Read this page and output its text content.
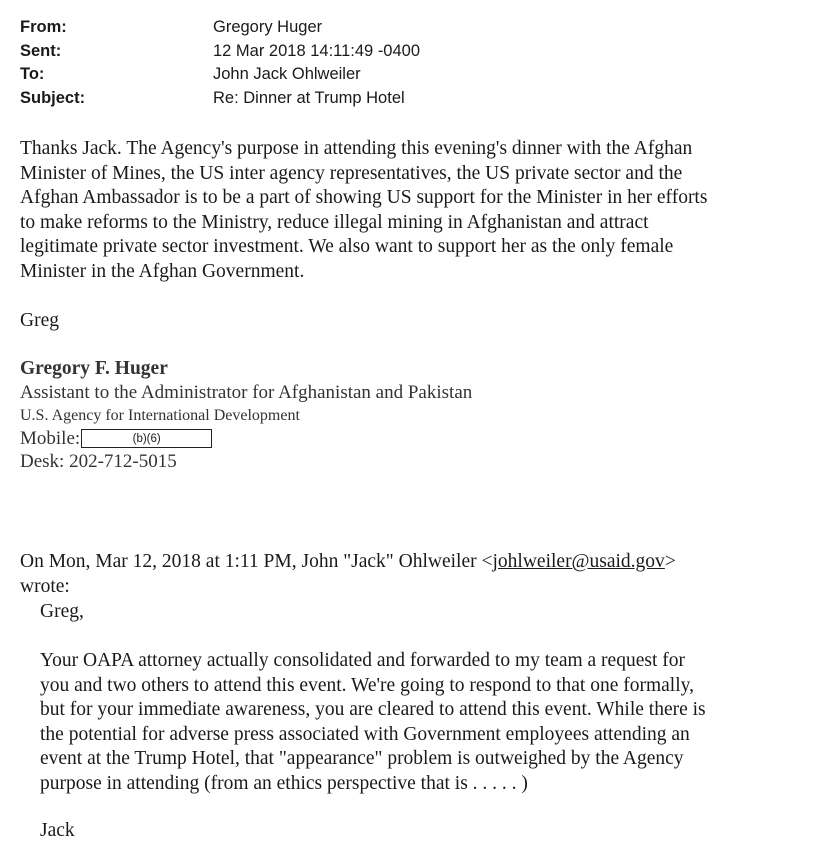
From:	Gregory Huger
Sent:	12 Mar 2018 14:11:49 -0400
To:	John Jack Ohlweiler
Subject:	Re: Dinner at Trump Hotel
Thanks Jack. The Agency's purpose in attending this evening's dinner with the Afghan
Minister of Mines, the US inter agency representatives, the US private sector and the
Afghan Ambassador is to be a part of showing US support for the Minister in her efforts
to make reforms to the Ministry, reduce illegal mining in Afghanistan and attract
legitimate private sector investment. We also want to support her as the only female
Minister in the Afghan Government.
Greg
Gregory F. Huger
Assistant to the Administrator for Afghanistan and Pakistan
U.S. Agency for International Development
Mobile:	(b)(6)
Desk: 202-712-5015
On Mon, Mar 12, 2018 at 1:11 PM, John "Jack" Ohlweiler <johlweiler@usaid.gov>
wrote:
Greg,
Your OAPA attorney actually consolidated and forwarded to my team a request for
you and two others to attend this event. We're going to respond to that one formally,
but for your immediate awareness, you are cleared to attend this event. While there is
the potential for adverse press associated with Government employees attending an
event at the Trump Hotel, that "appearance" problem is outweighed by the Agency
purpose in attending (from an ethics perspective that is . . . . . )
Jack
